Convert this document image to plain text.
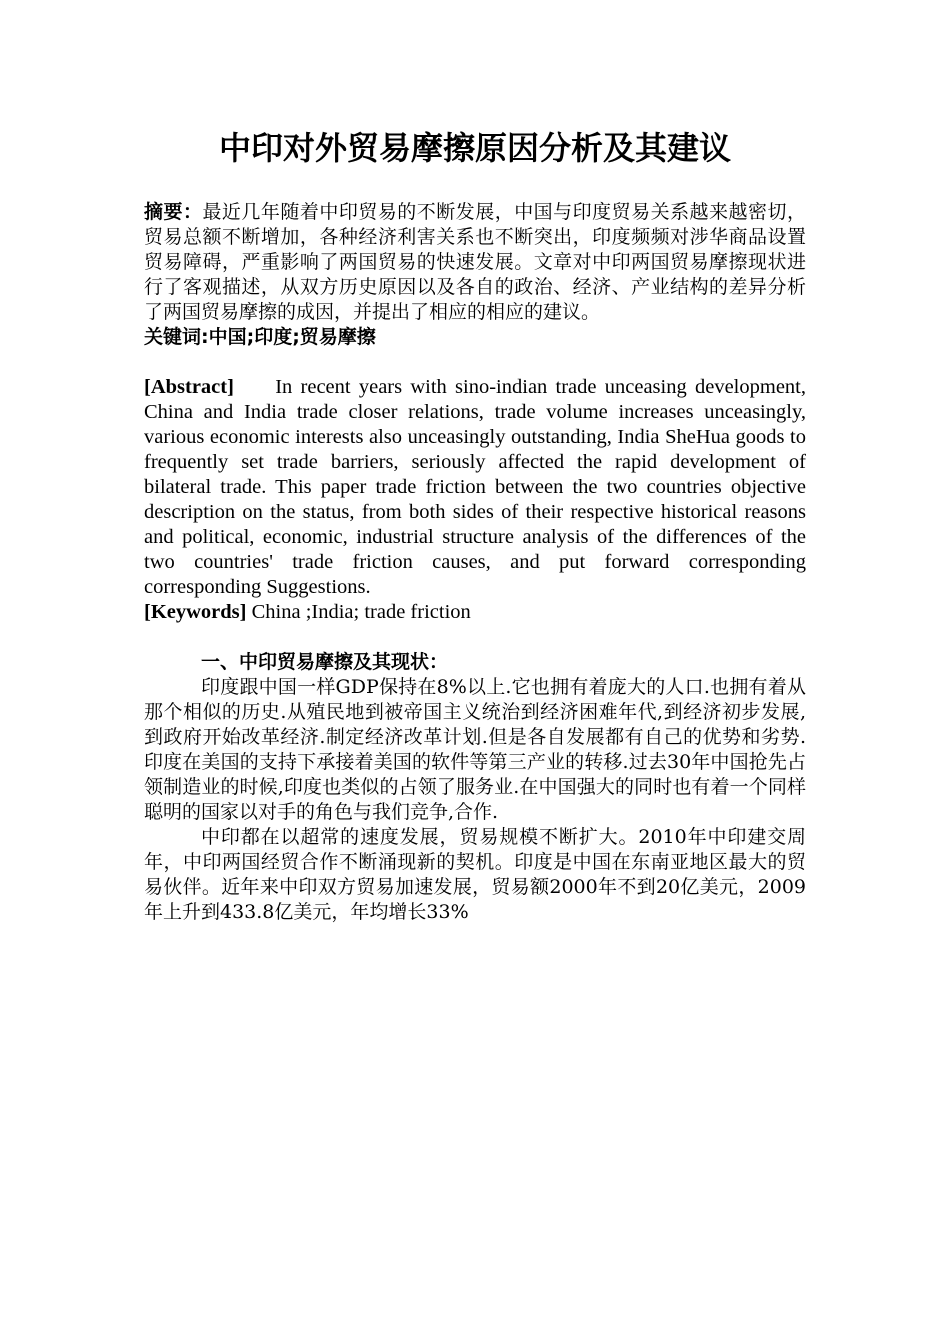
中印对外贸易摩擦原因分析及其建议

摘要：最近几年随着中印贸易的不断发展，中国与印度贸易关系越来越密切，贸易总额不断增加，各种经济利害关系也不断突出，印度频频对涉华商品设置贸易障碍，严重影响了两国贸易的快速发展。文章对中印两国贸易摩擦现状进行了客观描述，从双方历史原因以及各自的政治、经济、产业结构的差异分析了两国贸易摩擦的成因，并提出了相应的相应的建议。

关键词:中国;印度;贸易摩擦

[Abstract] In recent years with sino-indian trade unceasing development, China and India trade closer relations, trade volume increases unceasingly, various economic interests also unceasingly outstanding, India SheHua goods to frequently set trade barriers, seriously affected the rapid development of bilateral trade. This paper trade friction between the two countries objective description on the status, from both sides of their respective historical reasons and political, economic, industrial structure analysis of the differences of the two countries' trade friction causes, and put forward corresponding corresponding Suggestions.

[Keywords] China ;India; trade friction

一、中印贸易摩擦及其现状：

印度跟中国一样GDP保持在8%以上.它也拥有着庞大的人口.也拥有着从那个相似的历史.从殖民地到被帝国主义统治到经济困难年代,到经济初步发展,到政府开始改革经济.制定经济改革计划.但是各自发展都有自己的优势和劣势.印度在美国的支持下承接着美国的软件等第三产业的转移.过去30年中国抢先占领制造业的时候,印度也类似的占领了服务业.在中国强大的同时也有着一个同样聪明的国家以对手的角色与我们竞争,合作.

中印都在以超常的速度发展，贸易规模不断扩大。2010年中印建交周年，中印两国经贸合作不断涌现新的契机。印度是中国在东南亚地区最大的贸易伙伴。近年来中印双方贸易加速发展，贸易额2000年不到20亿美元，2009年上升到433.8亿美元，年均增长33%
